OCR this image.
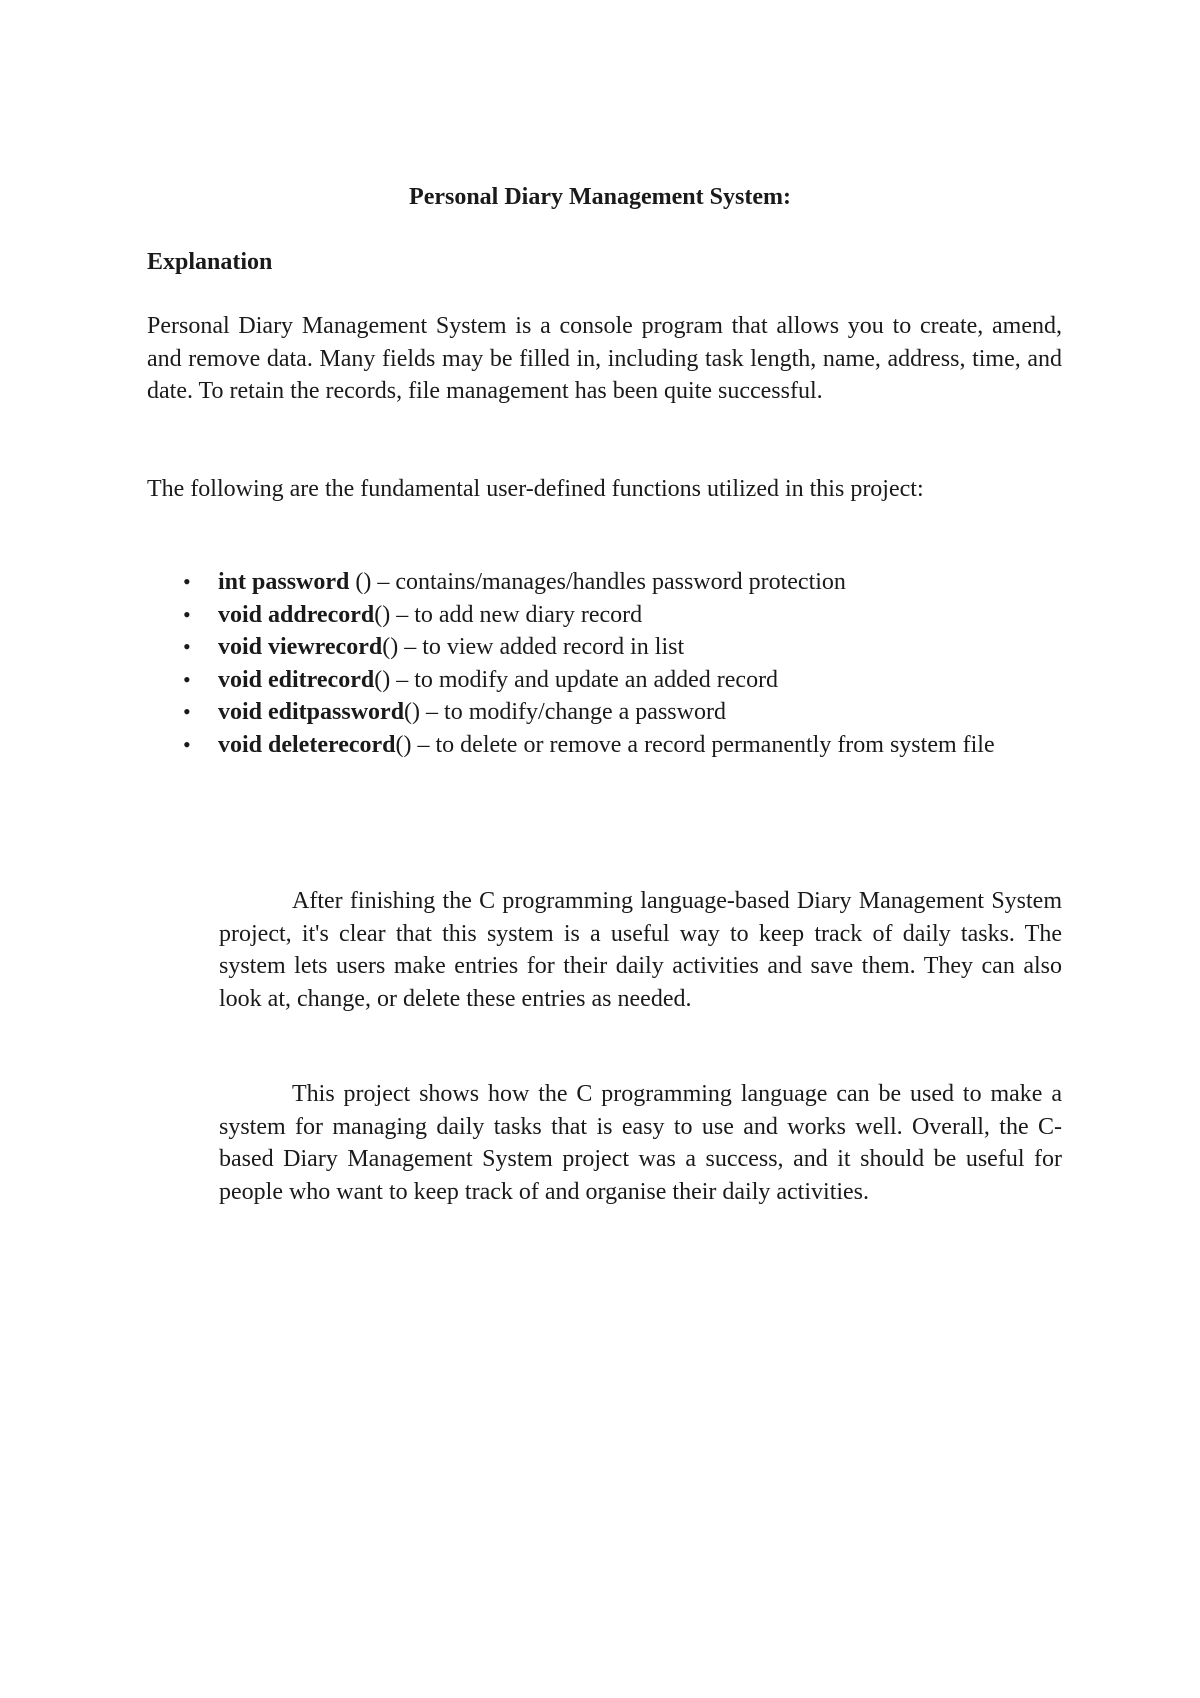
Personal Diary Management System:
Explanation

Personal Diary Management System is a console program that allows you to create, amend, and remove data. Many fields may be filled in, including task length, name, address, time, and date. To retain the records, file management has been quite successful.

The following are the fundamental user-defined functions utilized in this project:

• int password () – contains/manages/handles password protection
• void addrecord() – to add new diary record
• void viewrecord() – to view added record in list
• void editrecord() – to modify and update an added record
• void editpassword() – to modify/change a password
• void deleterecord() – to delete or remove a record permanently from system file

After finishing the C programming language-based Diary Management System project, it's clear that this system is a useful way to keep track of daily tasks. The system lets users make entries for their daily activities and save them. They can also look at, change, or delete these entries as needed.

This project shows how the C programming language can be used to make a system for managing daily tasks that is easy to use and works well. Overall, the C-based Diary Management System project was a success, and it should be useful for people who want to keep track of and organise their daily activities.
